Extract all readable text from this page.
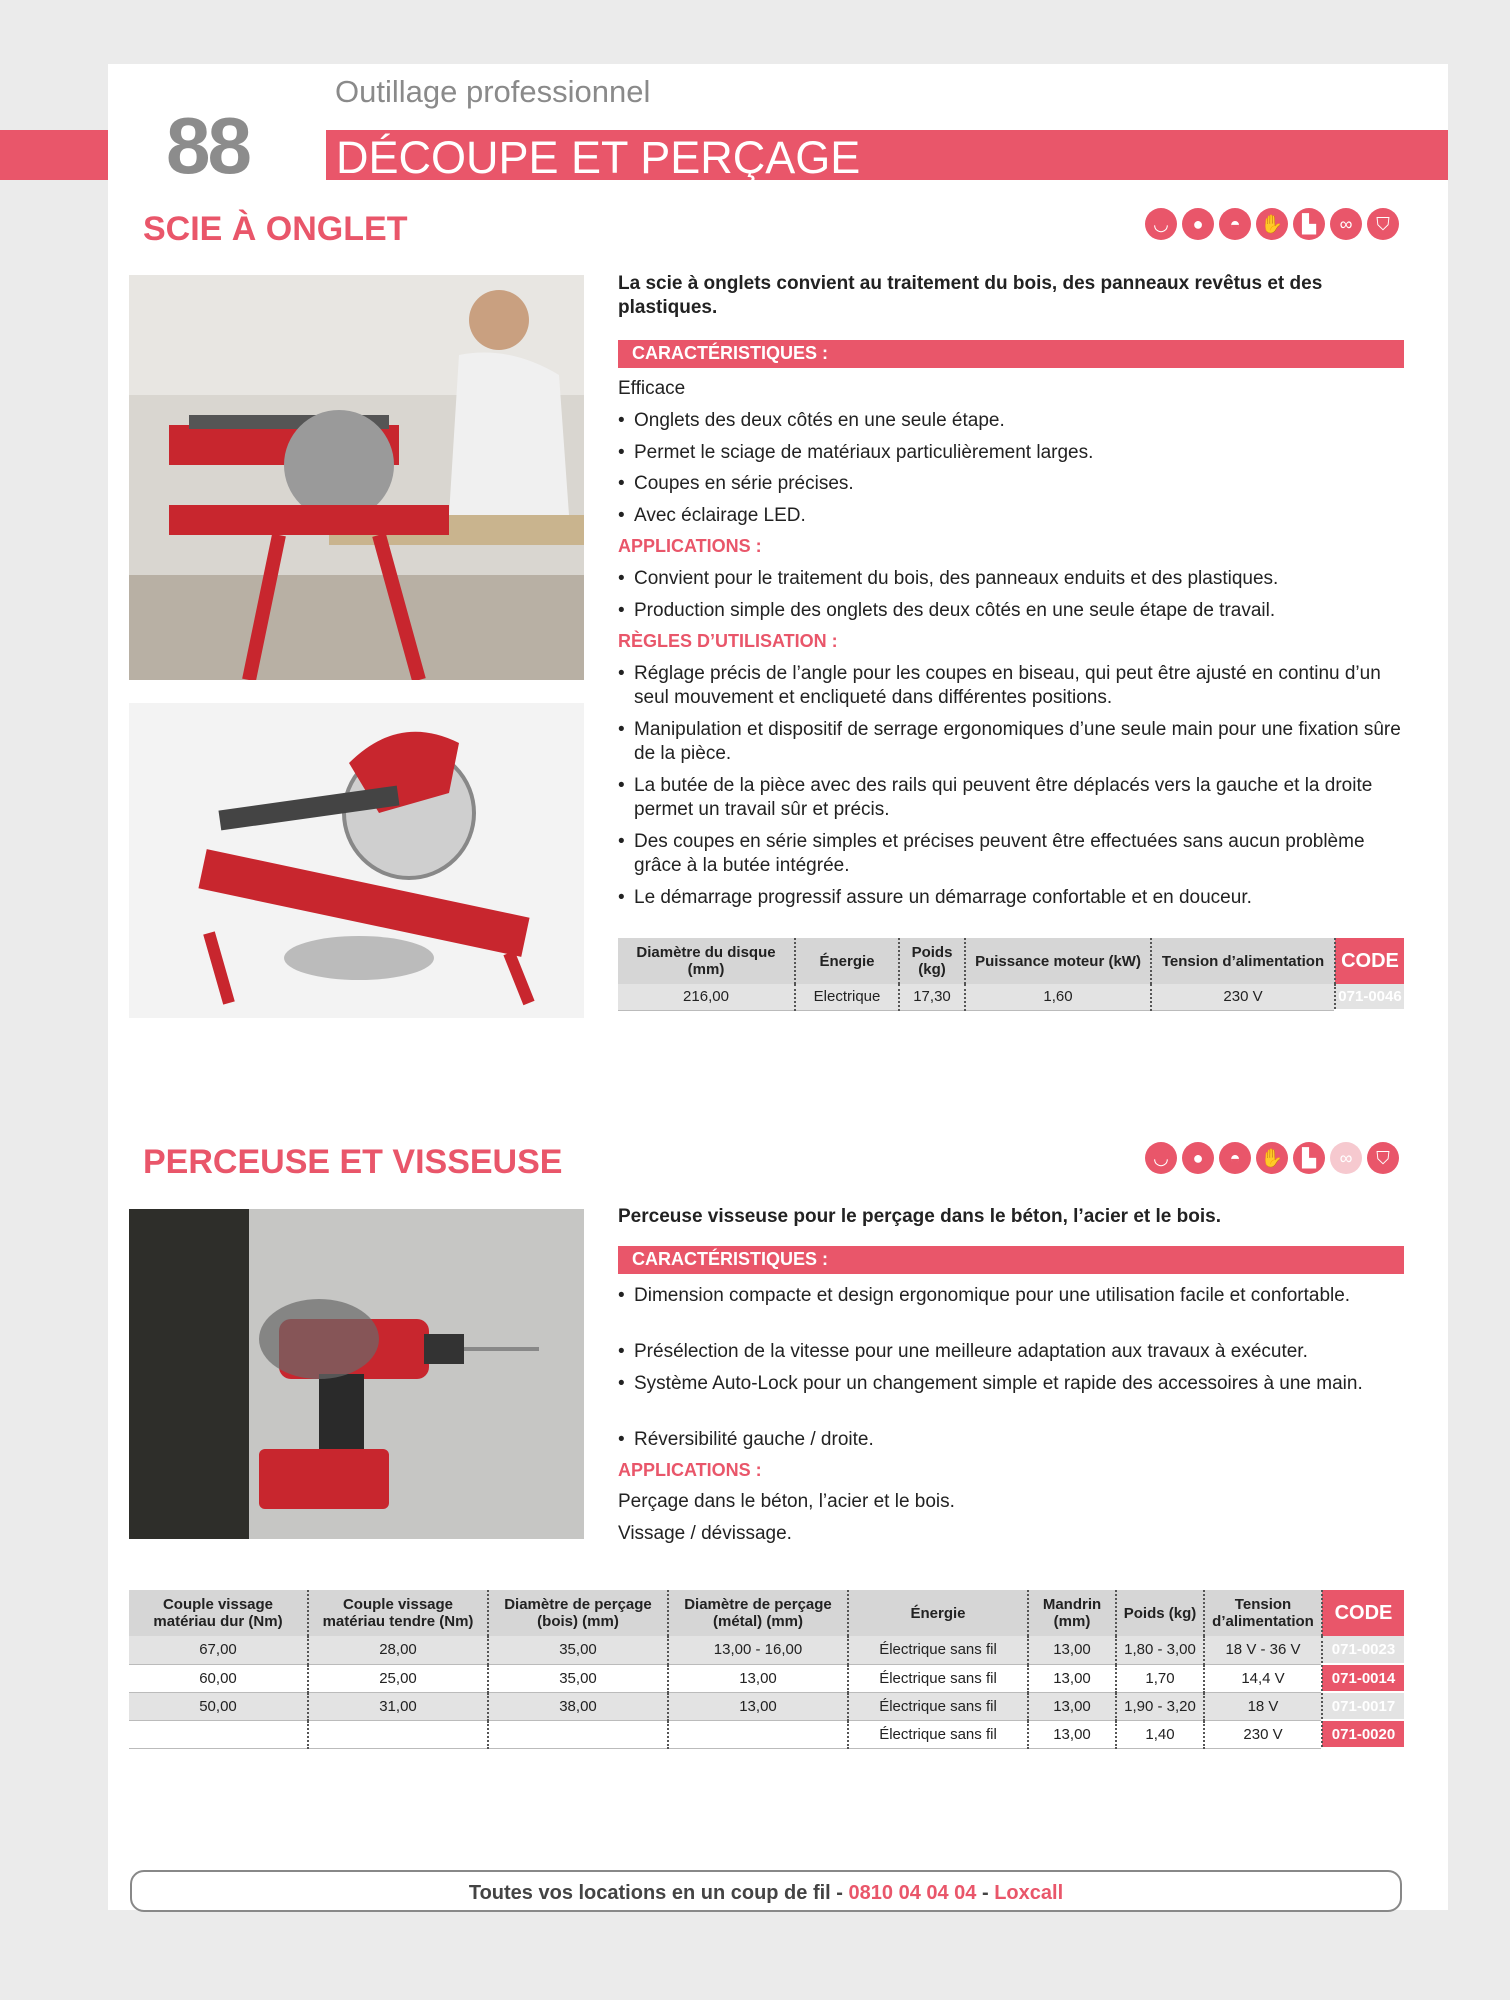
88
Outillage professionnel
DÉCOUPE ET PERÇAGE
SCIE À ONGLET	◡	●	◓	✋	▙	∞	⛉
La scie à onglets convient au traitement du bois, des panneaux revêtus et des plastiques.
CARACTÉRISTIQUES :
Efficace
• Onglets des deux côtés en une seule étape.
• Permet le sciage de matériaux particulièrement larges.
• Coupes en série précises.
• Avec éclairage LED.
APPLICATIONS :
• Convient pour le traitement du bois, des panneaux enduits et des plastiques.
• Production simple des onglets des deux côtés en une seule étape de travail.
RÈGLES D’UTILISATION :
• Réglage précis de l’angle pour les coupes en biseau, qui peut être ajusté en continu d’un seul mouvement et encliqueté dans différentes positions.
• Manipulation et dispositif de serrage ergonomiques d’une seule main pour une fixation sûre de la pièce.
• La butée de la pièce avec des rails qui peuvent être déplacés vers la gauche et la droite permet un travail sûr et précis.
• Des coupes en série simples et précises peuvent être effectuées sans aucun problème grâce à la butée intégrée.
• Le démarrage progressif assure un démarrage confortable et en douceur.
Diamètre du disque (mm)	Énergie	Poids (kg)	Puissance moteur (kW)	Tension d’alimentation	CODE
216,00	Electrique	17,30	1,60	230 V	071-0046
PERCEUSE ET VISSEUSE	◡	●	◓	✋	▙	∞	⛉
Perceuse visseuse pour le perçage dans le béton, l’acier et le bois.
CARACTÉRISTIQUES :
• Dimension compacte et design ergonomique pour une utilisation facile et confortable.
• Présélection de la vitesse pour une meilleure adaptation aux travaux à exécuter.
• Système Auto-Lock pour un changement simple et rapide des accessoires à une main.
• Réversibilité gauche / droite.
APPLICATIONS :
Perçage dans le béton, l’acier et le bois.
Vissage / dévissage.
Couple vissage matériau dur (Nm)	Couple vissage matériau tendre (Nm)	Diamètre de perçage (bois) (mm)	Diamètre de perçage (métal) (mm)	Énergie	Mandrin (mm)	Poids (kg)	Tension d’alimentation	CODE
67,00	28,00	35,00	13,00 - 16,00	Électrique sans fil	13,00	1,80 - 3,00	18 V - 36 V	071-0023
60,00	25,00	35,00	13,00	Électrique sans fil	13,00	1,70	14,4 V	071-0014
50,00	31,00	38,00	13,00	Électrique sans fil	13,00	1,90 - 3,20	18 V	071-0017
				Électrique sans fil	13,00	1,40	230 V	071-0020
Toutes vos locations en un coup de fil - 0810 04 04 04 - Loxcall
